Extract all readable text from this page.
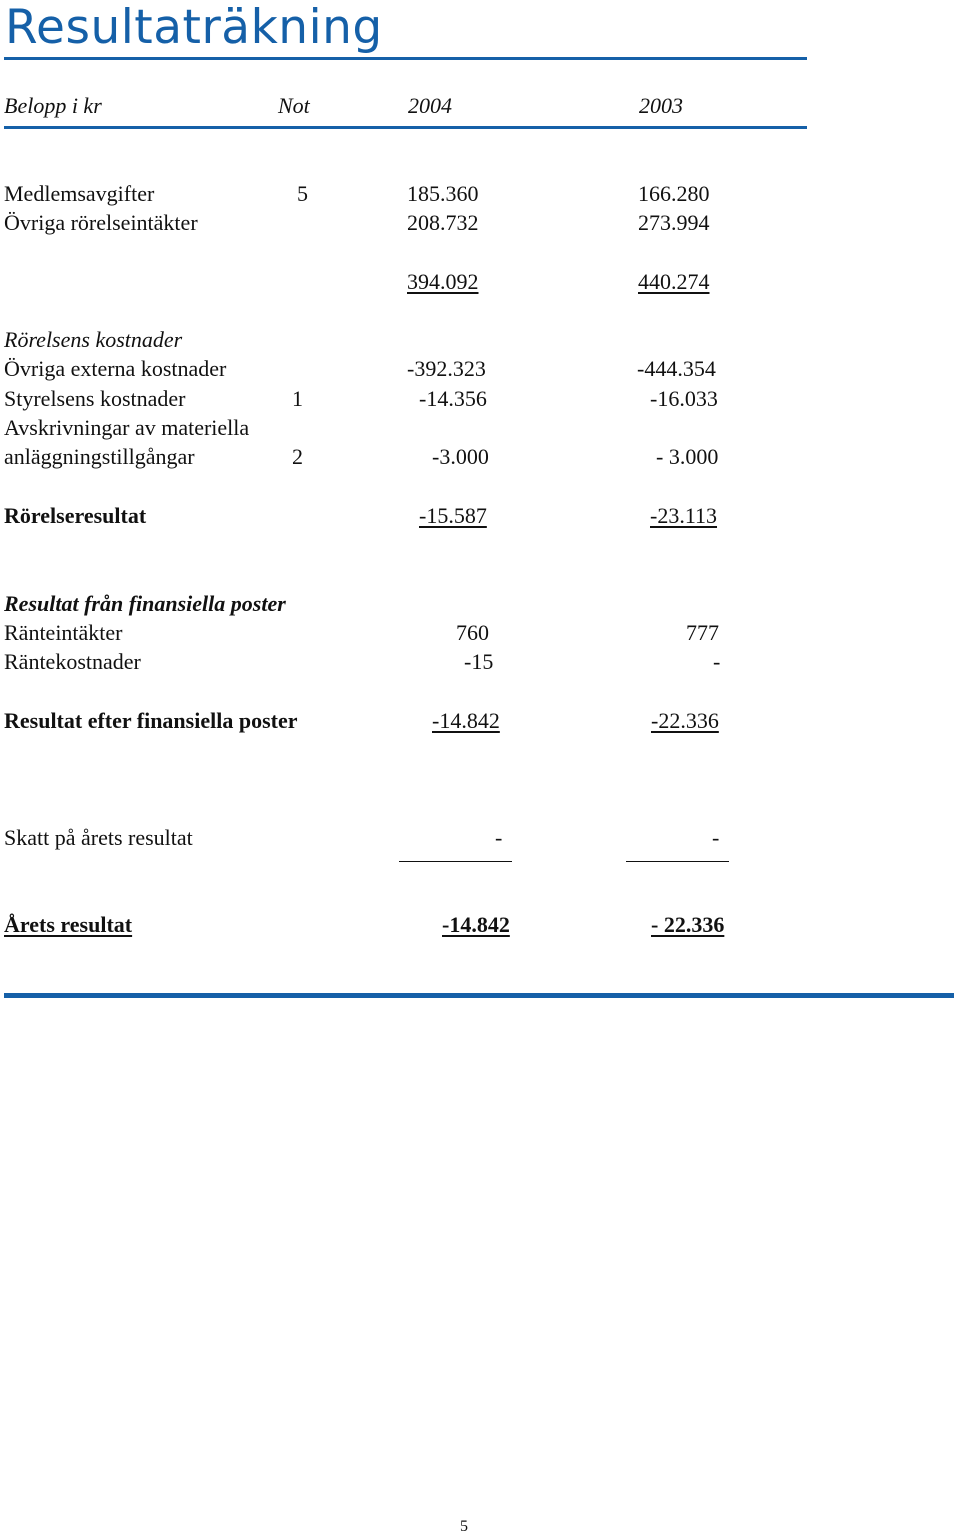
Resultaträkning
Belopp i kr	Not	2004	2003
Medlemsavgifter	5	185.360	166.280
Övriga rörelseintäkter	208.732	273.994
394.092	440.274
Rörelsens kostnader
Övriga externa kostnader	-392.323	-444.354
Styrelsens kostnader	1	-14.356	-16.033
Avskrivningar av materiella
anläggningstillgångar	2	-3.000	- 3.000
Rörelseresultat	-15.587	-23.113
Resultat från finansiella poster
Ränteintäkter	760	777
Räntekostnader	-15	-
Resultat efter finansiella poster	-14.842	-22.336
Skatt på årets resultat	-	-
Årets resultat	-14.842	- 22.336
5
